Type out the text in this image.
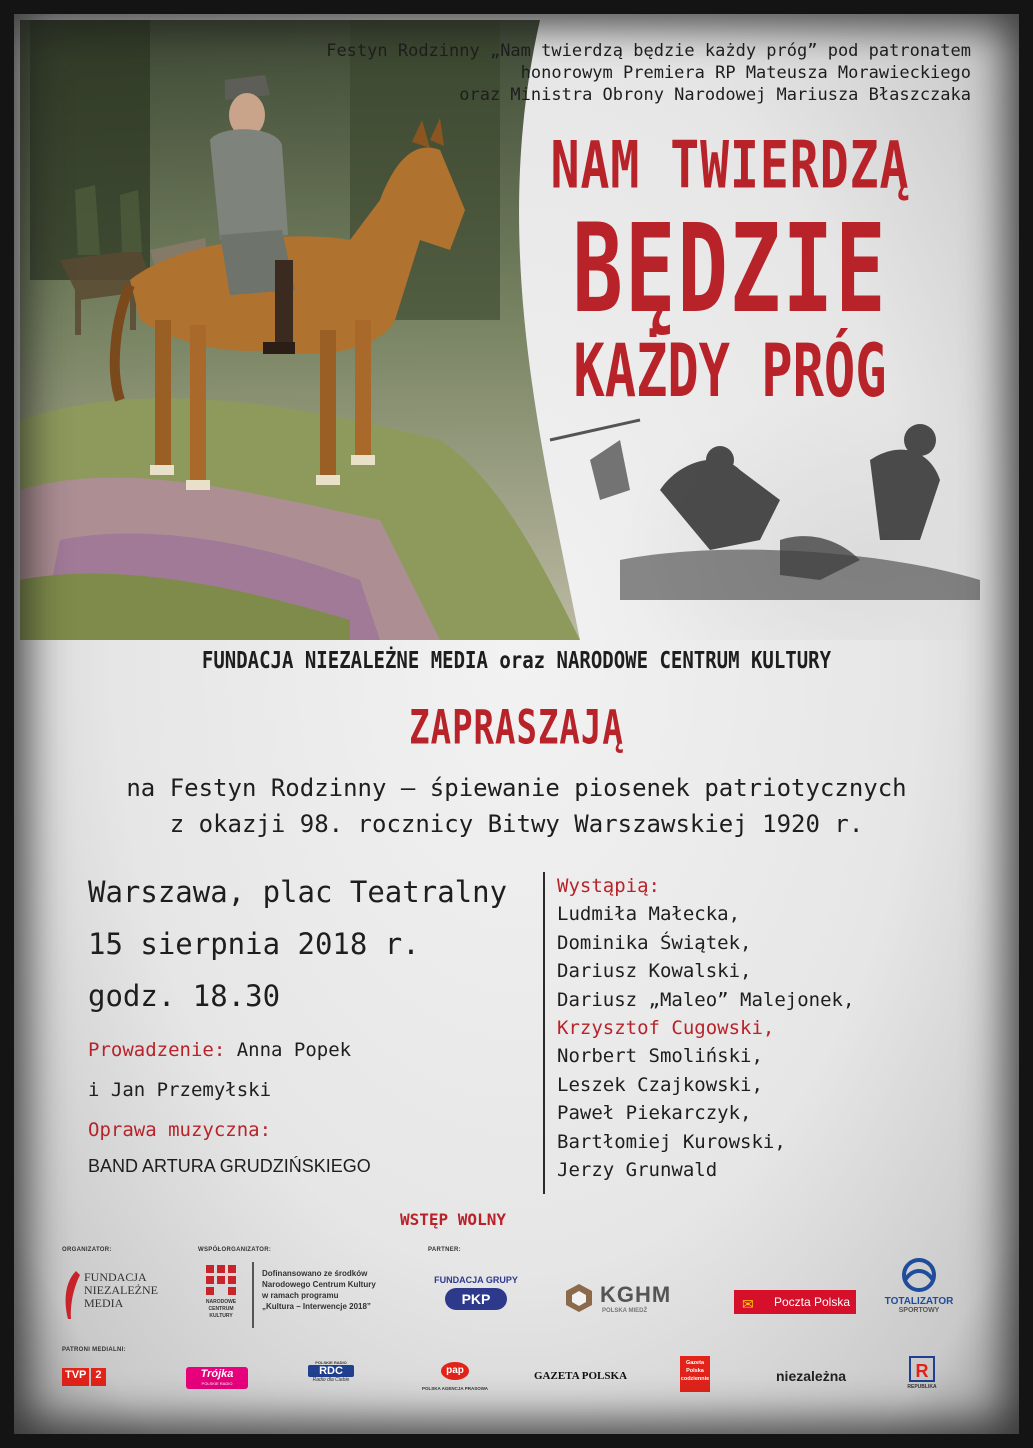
Festyn Rodzinny „Nam twierdzą będzie każdy próg” pod patronatem
honorowym Premiera RP Mateusza Morawieckiego
oraz Ministra Obrony Narodowej Mariusza Błaszczaka
NAM TWIERDZĄ
BĘDZIE
KAŻDY PRÓG
FUNDACJA NIEZALEŻNE MEDIA oraz NARODOWE CENTRUM KULTURY
ZAPRASZAJĄ
na Festyn Rodzinny – śpiewanie piosenek patriotycznych
z okazji 98. rocznicy Bitwy Warszawskiej 1920 r.
Warszawa, plac Teatralny
15 sierpnia 2018 r.
godz. 18.30
Prowadzenie: Anna Popek
i Jan Przemyłski
Oprawa muzyczna:
BAND ARTURA GRUDZIŃSKIEGO
Wystąpią:
Ludmiła Małecka,
Dominika Świątek,
Dariusz Kowalski,
Dariusz „Maleo” Malejonek,
Krzysztof Cugowski,
Norbert Smoliński,
Leszek Czajkowski,
Paweł Piekarczyk,
Bartłomiej Kurowski,
Jerzy Grunwald
WSTĘP WOLNY
ORGANIZATOR:
FUNDACJA
NIEZALEŻNE
MEDIA
WSPÓŁORGANIZATOR:
NARODOWE
CENTRUM
KULTURY
Dofinansowano ze środków
Narodowego Centrum Kultury
w ramach programu
„Kultura – Interwencje 2018”
PARTNER:
FUNDACJA GRUPY
PKP	KGHM
POLSKA MIEDŹ	✉ Poczta Polska	TOTALIZATOR
SPORTOWY
PATRONI MEDIALNI:
TVP 2	Trójka
POLSKIE RADIO
POLSKIE RADIO
RDC
Radio dla Ciebie
pap
POLSKA AGENCJA PRASOWA
GAZETA POLSKA
Gazeta
Polska
codziennie	niezależna	R
REPUBLIKA
